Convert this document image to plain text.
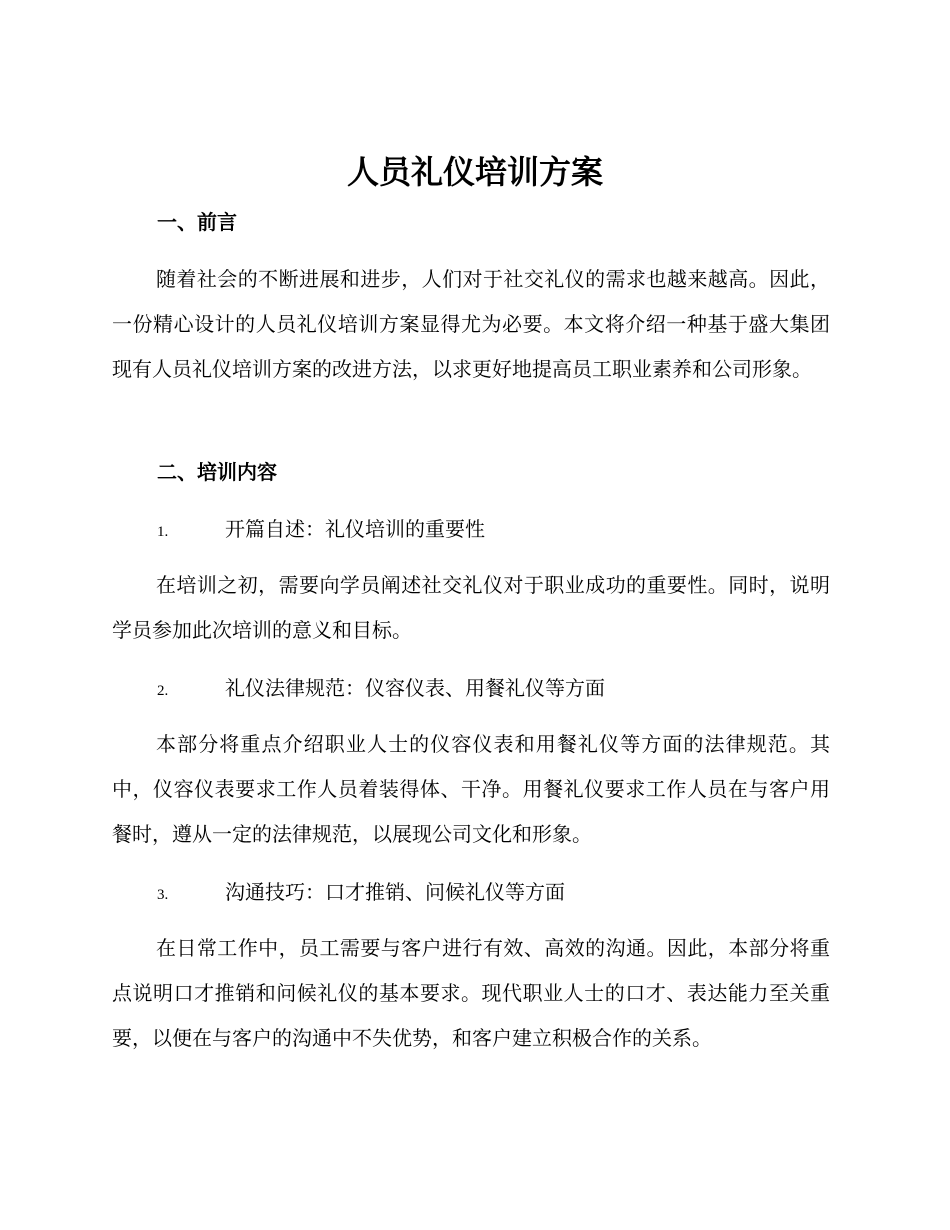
人员礼仪培训方案
一、前言

随着社会的不断进展和进步，人们对于社交礼仪的需求也越来越高。因此，一份精心设计的人员礼仪培训方案显得尤为必要。本文将介绍一种基于盛大集团现有人员礼仪培训方案的改进方法，以求更好地提高员工职业素养和公司形象。

二、培训内容
1.	开篇自述：礼仪培训的重要性

在培训之初，需要向学员阐述社交礼仪对于职业成功的重要性。同时，说明学员参加此次培训的意义和目标。

2.	礼仪法律规范：仪容仪表、用餐礼仪等方面

本部分将重点介绍职业人士的仪容仪表和用餐礼仪等方面的法律规范。其中，仪容仪表要求工作人员着装得体、干净。用餐礼仪要求工作人员在与客户用餐时，遵从一定的法律规范，以展现公司文化和形象。

3.	沟通技巧：口才推销、问候礼仪等方面

在日常工作中，员工需要与客户进行有效、高效的沟通。因此，本部分将重点说明口才推销和问候礼仪的基本要求。现代职业人士的口才、表达能力至关重要，以便在与客户的沟通中不失优势，和客户建立积极合作的关系。
